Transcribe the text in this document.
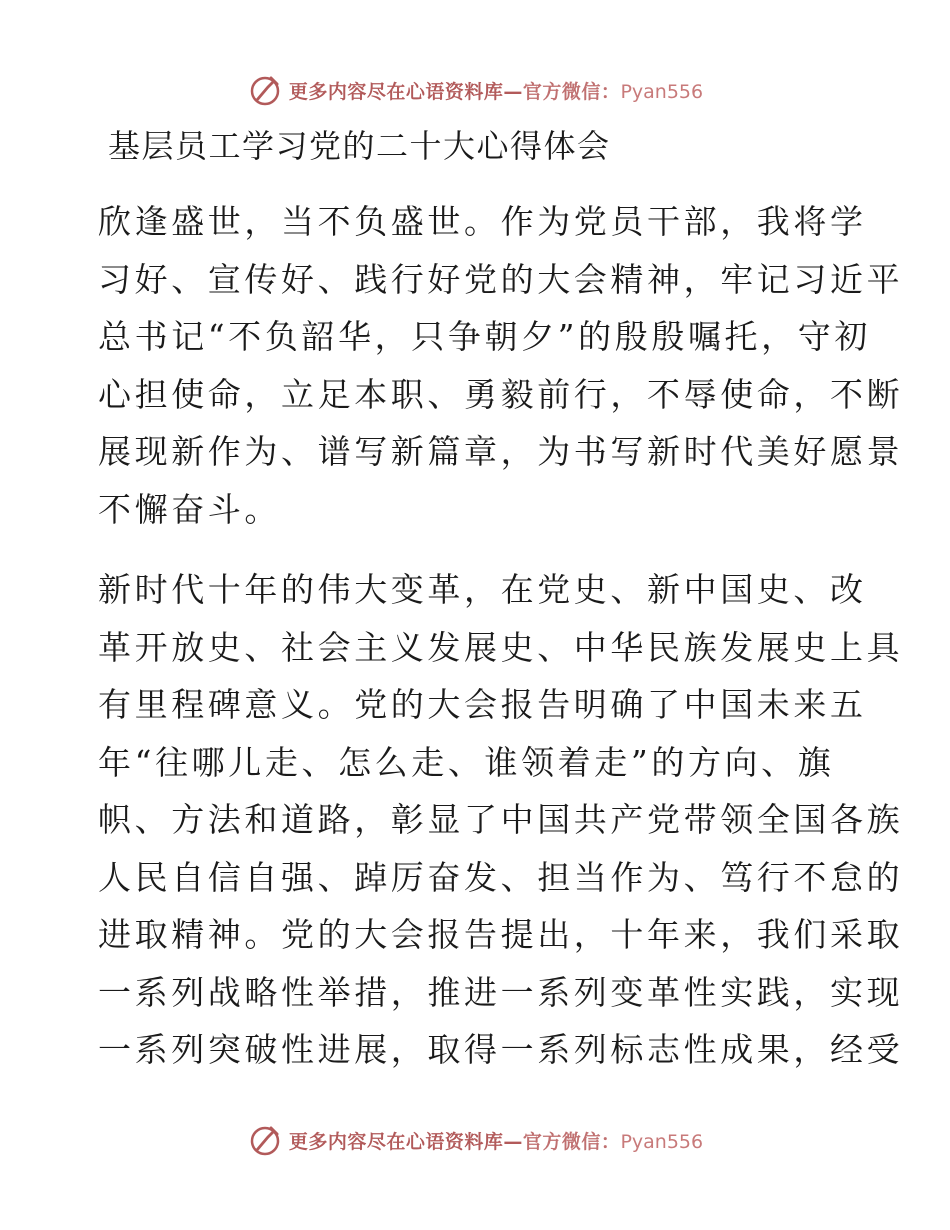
更多内容尽在心语资料库—官方微信：Pyan556
基层员工学习党的二十大心得体会
欣逢盛世，当不负盛世。作为党员干部，我将学
习好、宣传好、践行好党的大会精神，牢记习近平
总书记“不负韶华，只争朝夕”的殷殷嘱托，守初
心担使命，立足本职、勇毅前行，不辱使命，不断
展现新作为、谱写新篇章，为书写新时代美好愿景
不懈奋斗。
新时代十年的伟大变革，在党史、新中国史、改
革开放史、社会主义发展史、中华民族发展史上具
有里程碑意义。党的大会报告明确了中国未来五
年“往哪儿走、怎么走、谁领着走”的方向、旗
帜、方法和道路，彰显了中国共产党带领全国各族
人民自信自强、踔厉奋发、担当作为、笃行不怠的
进取精神。党的大会报告提出，十年来，我们采取
一系列战略性举措，推进一系列变革性实践，实现
一系列突破性进展，取得一系列标志性成果，经受
更多内容尽在心语资料库—官方微信：Pyan556
